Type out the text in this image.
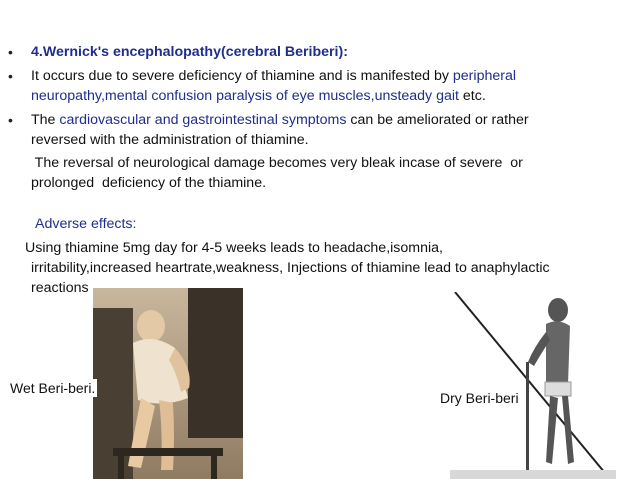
• 4.Wernick's encephalopathy(cerebral Beriberi):
• It occurs due to severe deficiency of thiamine and is manifested by peripheral
neuropathy,mental confusion paralysis of eye muscles,unsteady gait etc.
• The cardiovascular and gastrointestinal symptoms can be ameliorated or rather
reversed with the administration of thiamine.
The reversal of neurological damage becomes very bleak incase of severe  or
prolonged  deficiency of the thiamine.
Adverse effects:
Using thiamine 5mg day for 4-5 weeks leads to headache,isomnia,
irritability,increased heartrate,weakness, Injections of thiamine lead to anaphylactic
reactions
Wet Beri-beri.
Dry Beri-beri
